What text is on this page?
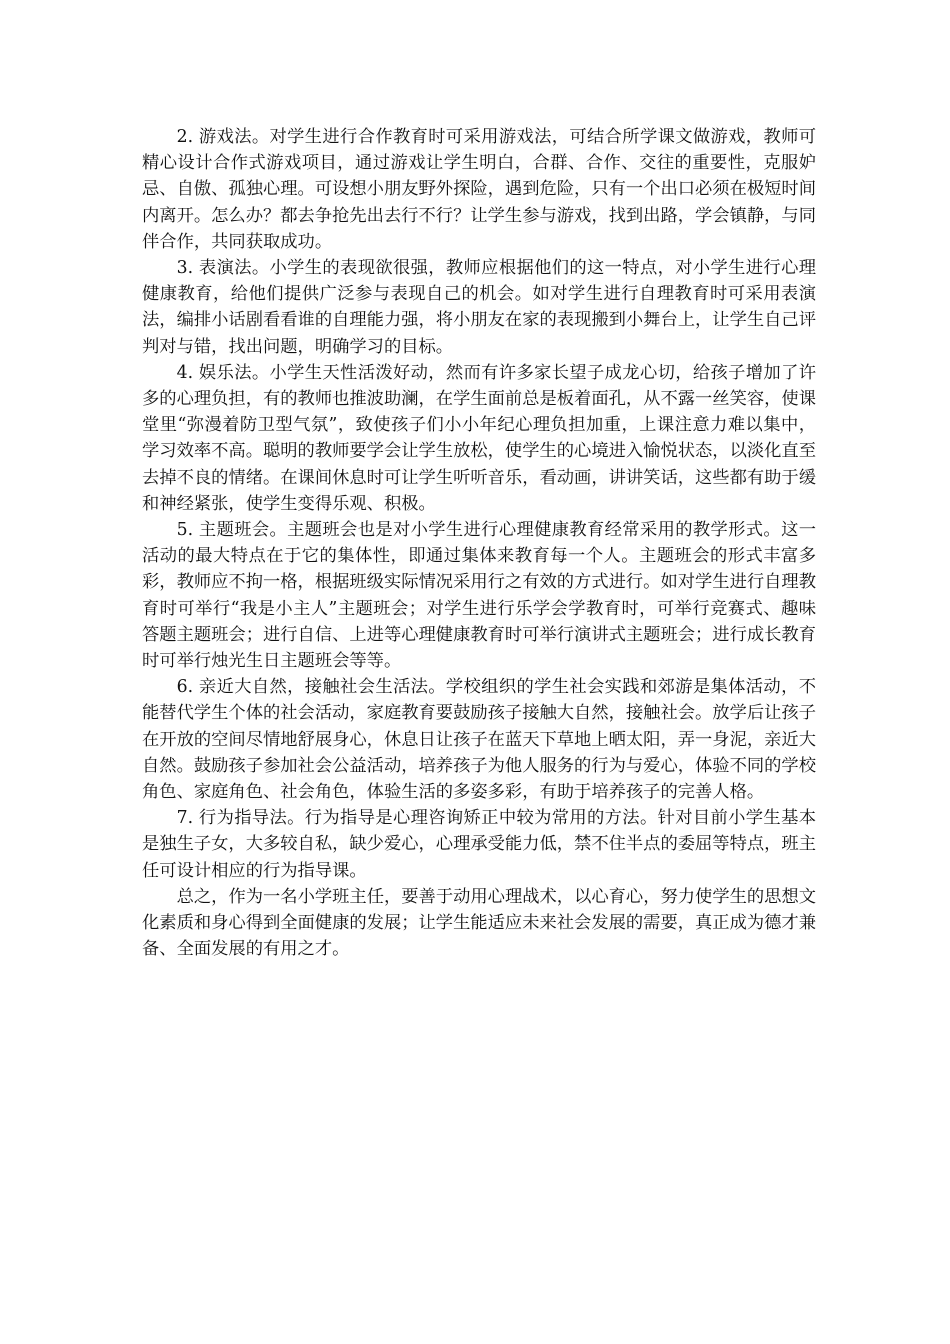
2. 游戏法。对学生进行合作教育时可采用游戏法，可结合所学课文做游戏，教师可精心设计合作式游戏项目，通过游戏让学生明白，合群、合作、交往的重要性，克服妒忌、自傲、孤独心理。可设想小朋友野外探险，遇到危险，只有一个出口必须在极短时间内离开。怎么办？都去争抢先出去行不行？让学生参与游戏，找到出路，学会镇静，与同伴合作，共同获取成功。

3. 表演法。小学生的表现欲很强，教师应根据他们的这一特点，对小学生进行心理健康教育，给他们提供广泛参与表现自己的机会。如对学生进行自理教育时可采用表演法，编排小话剧看看谁的自理能力强，将小朋友在家的表现搬到小舞台上，让学生自己评判对与错，找出问题，明确学习的目标。

4. 娱乐法。小学生天性活泼好动，然而有许多家长望子成龙心切，给孩子增加了许多的心理负担，有的教师也推波助澜，在学生面前总是板着面孔，从不露一丝笑容，使课堂里“弥漫着防卫型气氛”，致使孩子们小小年纪心理负担加重，上课注意力难以集中，学习效率不高。聪明的教师要学会让学生放松，使学生的心境进入愉悦状态，以淡化直至去掉不良的情绪。在课间休息时可让学生听听音乐，看动画，讲讲笑话，这些都有助于缓和神经紧张，使学生变得乐观、积极。

5. 主题班会。主题班会也是对小学生进行心理健康教育经常采用的教学形式。这一活动的最大特点在于它的集体性，即通过集体来教育每一个人。主题班会的形式丰富多彩，教师应不拘一格，根据班级实际情况采用行之有效的方式进行。如对学生进行自理教育时可举行“我是小主人”主题班会；对学生进行乐学会学教育时，可举行竞赛式、趣味答题主题班会；进行自信、上进等心理健康教育时可举行演讲式主题班会；进行成长教育时可举行烛光生日主题班会等等。

6. 亲近大自然，接触社会生活法。学校组织的学生社会实践和郊游是集体活动，不能替代学生个体的社会活动，家庭教育要鼓励孩子接触大自然，接触社会。放学后让孩子在开放的空间尽情地舒展身心，休息日让孩子在蓝天下草地上晒太阳，弄一身泥，亲近大自然。鼓励孩子参加社会公益活动，培养孩子为他人服务的行为与爱心，体验不同的学校角色、家庭角色、社会角色，体验生活的多姿多彩，有助于培养孩子的完善人格。

7. 行为指导法。行为指导是心理咨询矫正中较为常用的方法。针对目前小学生基本是独生子女，大多较自私，缺少爱心，心理承受能力低，禁不住半点的委屈等特点，班主任可设计相应的行为指导课。

总之，作为一名小学班主任，要善于动用心理战术，以心育心，努力使学生的思想文化素质和身心得到全面健康的发展；让学生能适应未来社会发展的需要，真正成为德才兼备、全面发展的有用之才。
